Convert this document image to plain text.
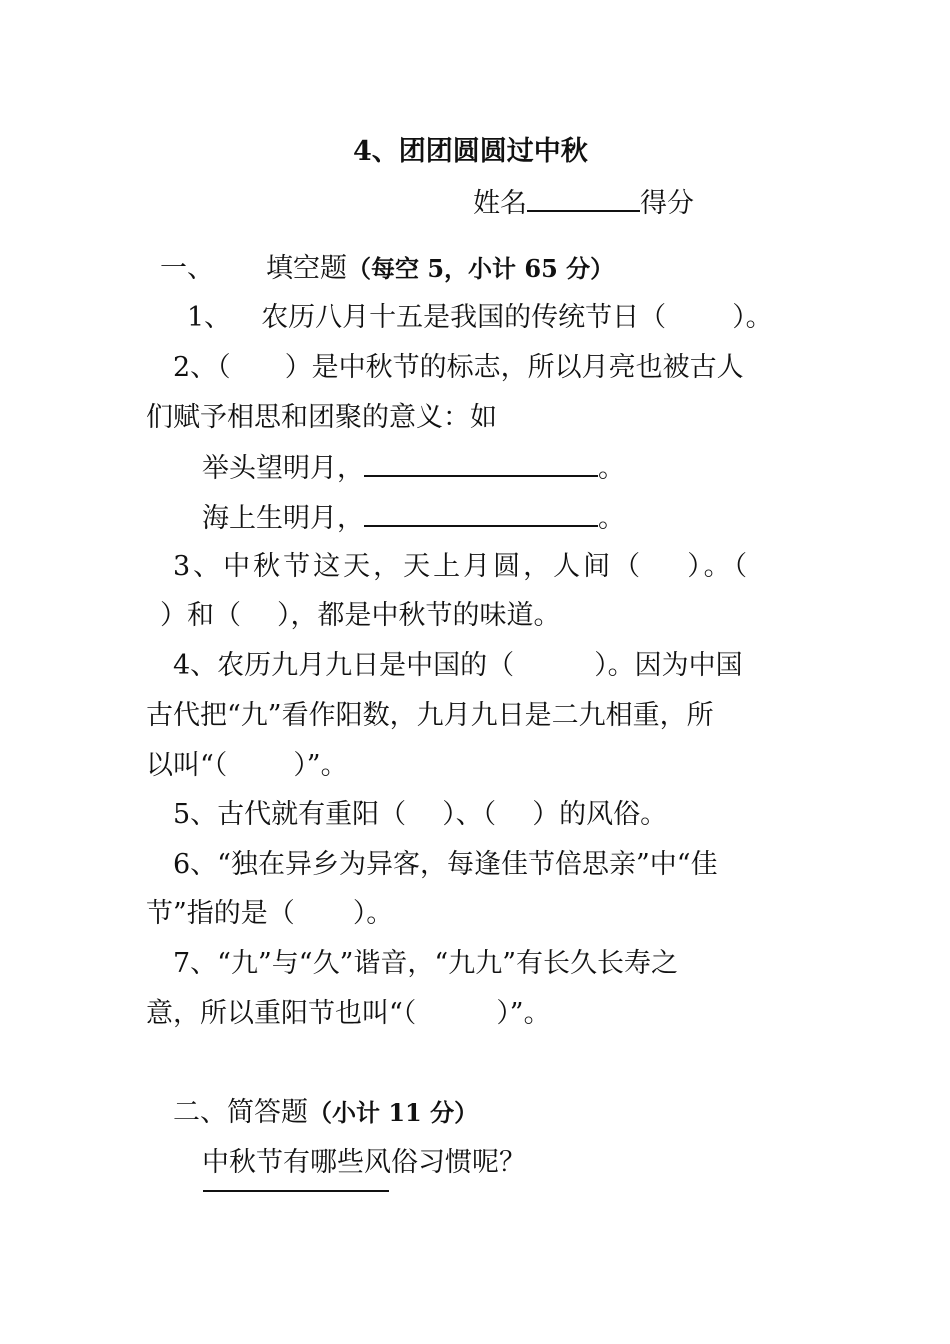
4、团团圆圆过中秋
姓名	得分
一、 填空题（每空 5，小计 65 分）
1、 农历八月十五是我国的传统节日（ ）。
2、（ ）是中秋节的标志，所以月亮也被古人
们赋予相思和团聚的意义：如
举头望明月，	。
海上生明月，	。
3、中秋节这天，天上月圆，人间（ ）。（
）和（ ），都是中秋节的味道。
4、农历九月九日是中国的（	）。因为中国
古代把“九”看作阳数，九月九日是二九相重，所
以叫“（ ）”。
5、古代就有重阳（ ）、（ ）的风俗。
6、“独在异乡为异客，每逢佳节倍思亲”中“佳
节”指的是（ ）。
7、“九”与“久”谐音，“九九”有长久长寿之
意，所以重阳节也叫“（	）”。
二、简答题（小计 11 分）
中秋节有哪些风俗习惯呢？
